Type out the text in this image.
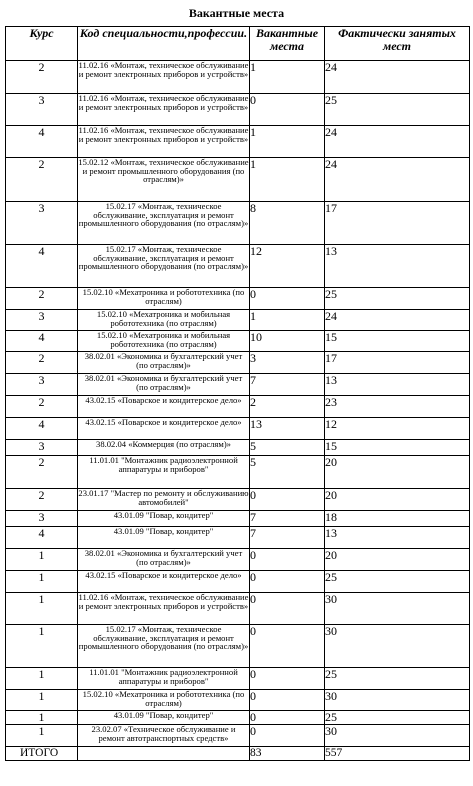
Вакантные места
Курс	Код специальности,профессии.	Вакантные места	Фактически занятых мест
2	11.02.16 «Монтаж, техническое обслуживание и ремонт электронных приборов и устройств»	1	24
3	11.02.16 «Монтаж, техническое обслуживание и ремонт электронных приборов и устройств»	0	25
4	11.02.16 «Монтаж, техническое обслуживание и ремонт электронных приборов и устройств»	1	24
2	15.02.12 «Монтаж, техническое обслуживание и ремонт промышленного оборудования (по отраслям)»	1	24
3	15.02.17 «Монтаж, техническое обслуживание, эксплуатация и ремонт промышленного оборудования (по отраслям)»	8	17
4	15.02.17 «Монтаж, техническое обслуживание, эксплуатация и ремонт промышленного оборудования (по отраслям)»	12	13
2	15.02.10 «Мехатроника и робототехника (по отраслям)	0	25
3	15.02.10 «Мехатроника и мобильная робототехника (по отраслям)	1	24
4	15.02.10 «Мехатроника и мобильная робототехника (по отраслям)	10	15
2	38.02.01 «Экономика и бухгалтерский учет (по отраслям)»	3	17
3	38.02.01 «Экономика и бухгалтерский учет (по отраслям)»	7	13
2	43.02.15 «Поварское и кондитерское дело»	2	23
4	43.02.15 «Поварское и кондитерское дело»	13	12
3	38.02.04 «Коммерция (по отраслям)»	5	15
2	11.01.01 "Монтажник радиоэлектронной аппаратуры и приборов"	5	20
2	23.01.17 "Мастер по ремонту и обслуживанию автомобилей"	0	20
3	43.01.09 "Повар, кондитер"	7	18
4	43.01.09 "Повар, кондитер"	7	13
1	38.02.01 «Экономика и бухгалтерский учет (по отраслям)»	0	20
1	43.02.15 «Поварское и кондитерское дело»	0	25
1	11.02.16 «Монтаж, техническое обслуживание и ремонт электронных приборов и устройств»	0	30
1	15.02.17 «Монтаж, техническое обслуживание, эксплуатация и ремонт промышленного оборудования (по отраслям)»	0	30
1	11.01.01 "Монтажник радиоэлектронной аппаратуры и приборов"	0	25
1	15.02.10 «Мехатроника и робототехника (по отраслям)	0	30
1	43.01.09 "Повар, кондитер"	0	25
1	23.02.07 «Техническое обслуживание и ремонт автотранспортных средств»	0	30
ИТОГО		83	557
